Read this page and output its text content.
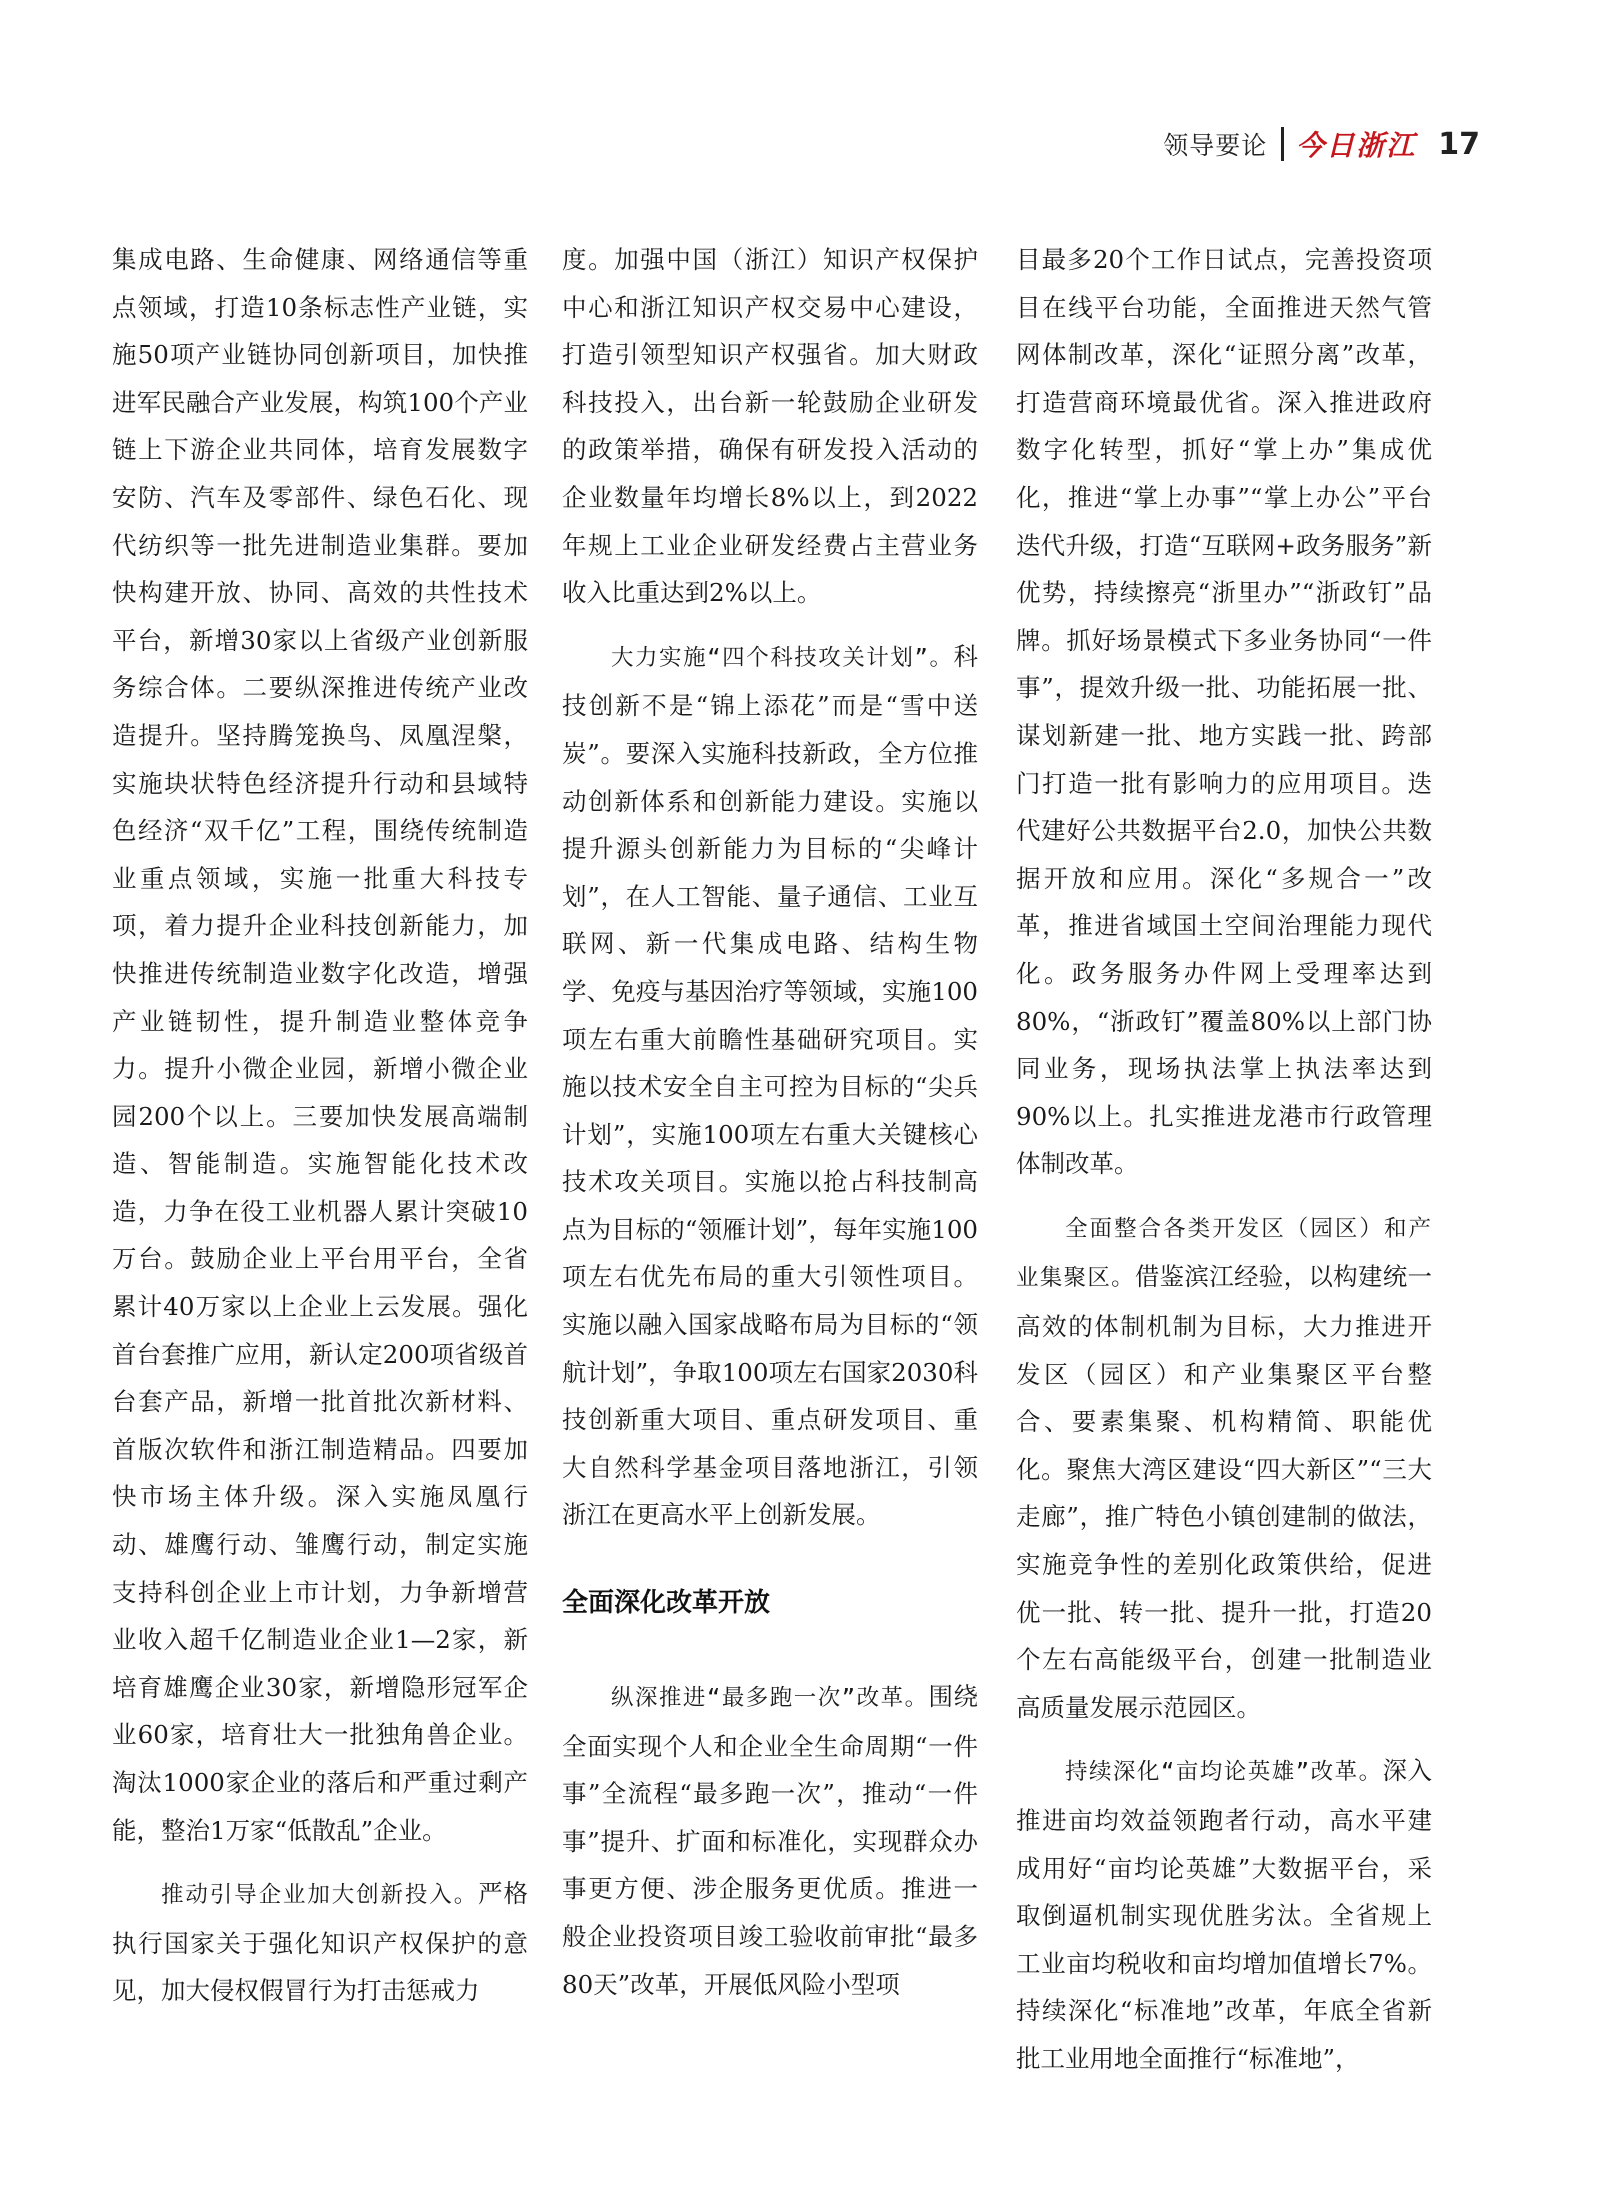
领导要论 今日浙江 17

集成电路、生命健康、网络通信等重点领域，打造10条标志性产业链，实施50项产业链协同创新项目，加快推进军民融合产业发展，构筑100个产业链上下游企业共同体，培育发展数字安防、汽车及零部件、绿色石化、现代纺织等一批先进制造业集群。要加快构建开放、协同、高效的共性技术平台，新增30家以上省级产业创新服务综合体。二要纵深推进传统产业改造提升。坚持腾笼换鸟、凤凰涅槃，实施块状特色经济提升行动和县域特色经济“双千亿”工程，围绕传统制造业重点领域，实施一批重大科技专项，着力提升企业科技创新能力，加快推进传统制造业数字化改造，增强产业链韧性，提升制造业整体竞争力。提升小微企业园，新增小微企业园200个以上。三要加快发展高端制造、智能制造。实施智能化技术改造，力争在役工业机器人累计突破10万台。鼓励企业上平台用平台，全省累计40万家以上企业上云发展。强化首台套推广应用，新认定200项省级首台套产品，新增一批首批次新材料、首版次软件和浙江制造精品。四要加快市场主体升级。深入实施凤凰行动、雄鹰行动、雏鹰行动，制定实施支持科创企业上市计划，力争新增营业收入超千亿制造业企业1—2家，新培育雄鹰企业30家，新增隐形冠军企业60家，培育壮大一批独角兽企业。淘汰1000家企业的落后和严重过剩产能，整治1万家“低散乱”企业。

推动引导企业加大创新投入。严格执行国家关于强化知识产权保护的意见，加大侵权假冒行为打击惩戒力

度。加强中国（浙江）知识产权保护中心和浙江知识产权交易中心建设，打造引领型知识产权强省。加大财政科技投入，出台新一轮鼓励企业研发的政策举措，确保有研发投入活动的企业数量年均增长8%以上，到2022年规上工业企业研发经费占主营业务收入比重达到2%以上。

大力实施“四个科技攻关计划”。科技创新不是“锦上添花”而是“雪中送炭”。要深入实施科技新政，全方位推动创新体系和创新能力建设。实施以提升源头创新能力为目标的“尖峰计划”，在人工智能、量子通信、工业互联网、新一代集成电路、结构生物学、免疫与基因治疗等领域，实施100项左右重大前瞻性基础研究项目。实施以技术安全自主可控为目标的“尖兵计划”，实施100项左右重大关键核心技术攻关项目。实施以抢占科技制高点为目标的“领雁计划”，每年实施100项左右优先布局的重大引领性项目。实施以融入国家战略布局为目标的“领航计划”，争取100项左右国家2030科技创新重大项目、重点研发项目、重大自然科学基金项目落地浙江，引领浙江在更高水平上创新发展。

全面深化改革开放

纵深推进“最多跑一次”改革。围绕全面实现个人和企业全生命周期“一件事”全流程“最多跑一次”，推动“一件事”提升、扩面和标准化，实现群众办事更方便、涉企服务更优质。推进一般企业投资项目竣工验收前审批“最多80天”改革，开展低风险小型项

目最多20个工作日试点，完善投资项目在线平台功能，全面推进天然气管网体制改革，深化“证照分离”改革，打造营商环境最优省。深入推进政府数字化转型，抓好“掌上办”集成优化，推进“掌上办事”“掌上办公”平台迭代升级，打造“互联网+政务服务”新优势，持续擦亮“浙里办”“浙政钉”品牌。抓好场景模式下多业务协同“一件事”，提效升级一批、功能拓展一批、谋划新建一批、地方实践一批、跨部门打造一批有影响力的应用项目。迭代建好公共数据平台2.0，加快公共数据开放和应用。深化“多规合一”改革，推进省域国土空间治理能力现代化。政务服务办件网上受理率达到80%，“浙政钉”覆盖80%以上部门协同业务，现场执法掌上执法率达到90%以上。扎实推进龙港市行政管理体制改革。

全面整合各类开发区（园区）和产业集聚区。借鉴滨江经验，以构建统一高效的体制机制为目标，大力推进开发区（园区）和产业集聚区平台整合、要素集聚、机构精简、职能优化。聚焦大湾区建设“四大新区”“三大走廊”，推广特色小镇创建制的做法，实施竞争性的差别化政策供给，促进优一批、转一批、提升一批，打造20个左右高能级平台，创建一批制造业高质量发展示范园区。

持续深化“亩均论英雄”改革。深入推进亩均效益领跑者行动，高水平建成用好“亩均论英雄”大数据平台，采取倒逼机制实现优胜劣汰。全省规上工业亩均税收和亩均增加值增长7%。持续深化“标准地”改革，年底全省新批工业用地全面推行“标准地”，
